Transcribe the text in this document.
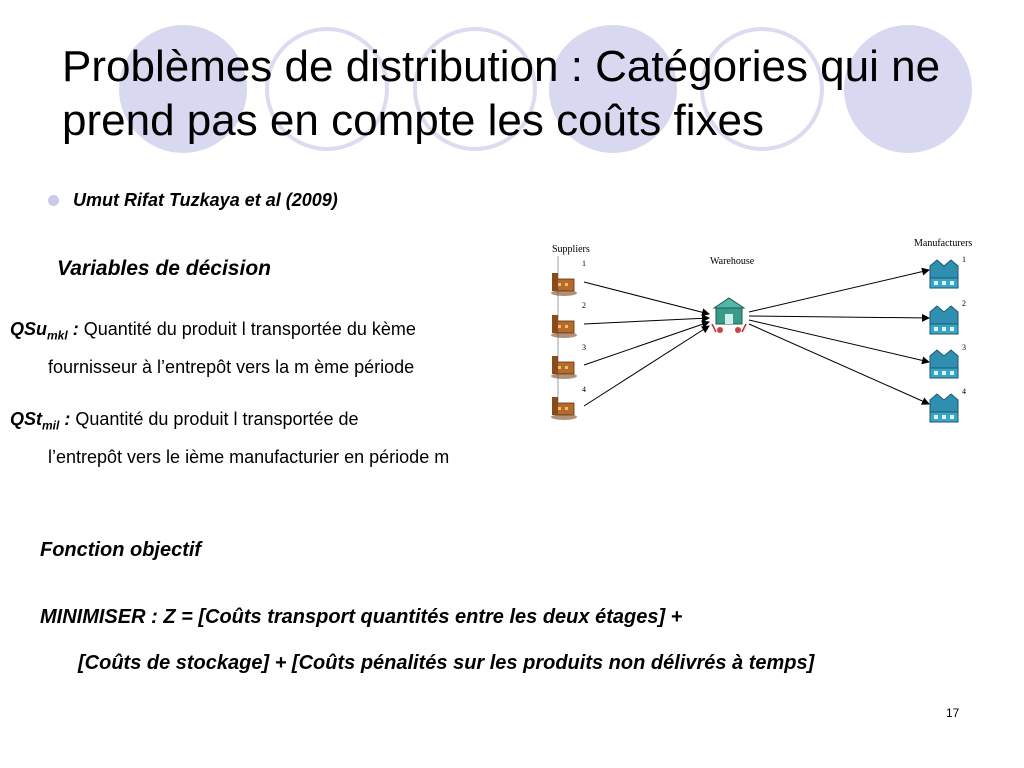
Problèmes de distribution : Catégories qui ne prend pas en compte les coûts fixes
Umut Rifat Tuzkaya et al (2009)
Variables de décision
QSu$_{mkl}$ : Quantité du produit l transportée du kème
fournisseur à l’entrepôt vers la m ème période
QSt$_{mil}$ : Quantité du produit l transportée de
l’entrepôt vers le ième manufacturier en période m
Fonction objectif
MINIMISER : Z = [Coûts transport quantités entre les deux étages] +
[Coûts de stockage] + [Coûts pénalités sur les produits non délivrés à temps]
17
Suppliers
Warehouse
Manufacturers
1
2
3
4
1
2
3
4
